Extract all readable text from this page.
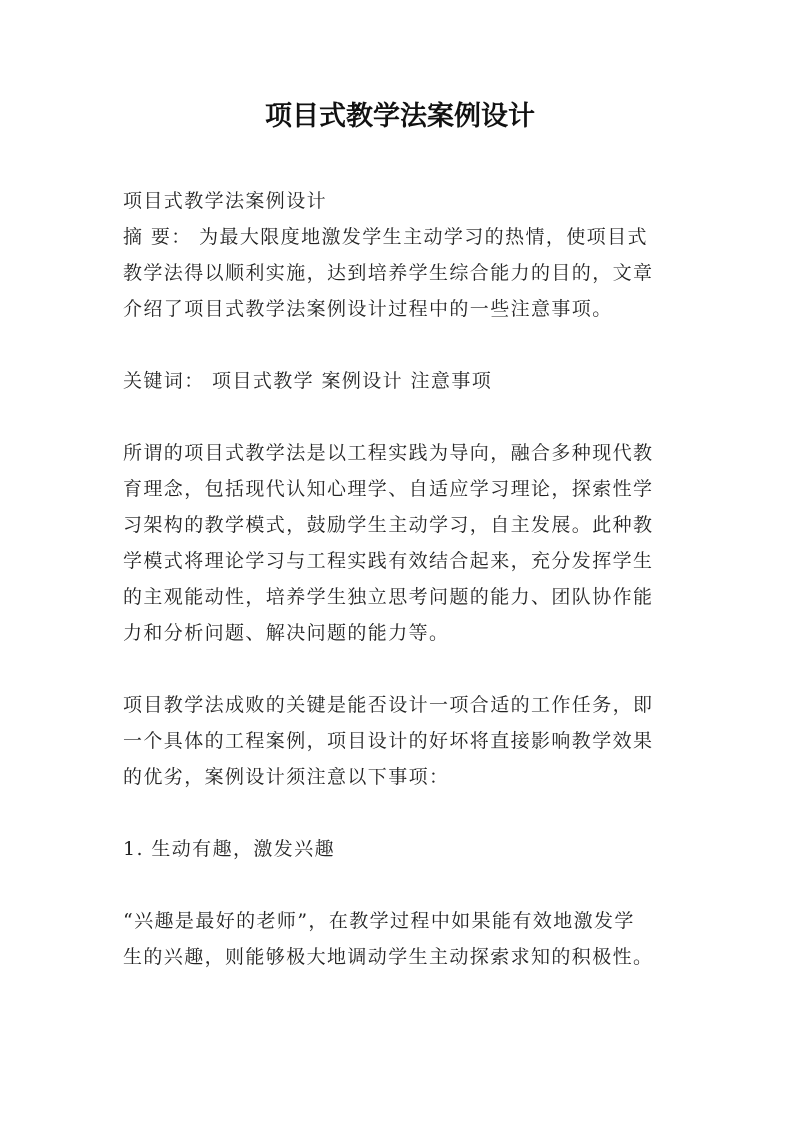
项目式教学法案例设计
项目式教学法案例设计
摘 要： 为最大限度地激发学生主动学习的热情，使项目式
教学法得以顺利实施，达到培养学生综合能力的目的，文章
介绍了项目式教学法案例设计过程中的一些注意事项。
关键词： 项目式教学 案例设计 注意事项
所谓的项目式教学法是以工程实践为导向，融合多种现代教
育理念，包括现代认知心理学、自适应学习理论，探索性学
习架构的教学模式，鼓励学生主动学习，自主发展。此种教
学模式将理论学习与工程实践有效结合起来，充分发挥学生
的主观能动性，培养学生独立思考问题的能力、团队协作能
力和分析问题、解决问题的能力等。
项目教学法成败的关键是能否设计一项合适的工作任务，即
一个具体的工程案例，项目设计的好坏将直接影响教学效果
的优劣，案例设计须注意以下事项：
1. 生动有趣，激发兴趣
“兴趣是最好的老师”，在教学过程中如果能有效地激发学
生的兴趣，则能够极大地调动学生主动探索求知的积极性。
